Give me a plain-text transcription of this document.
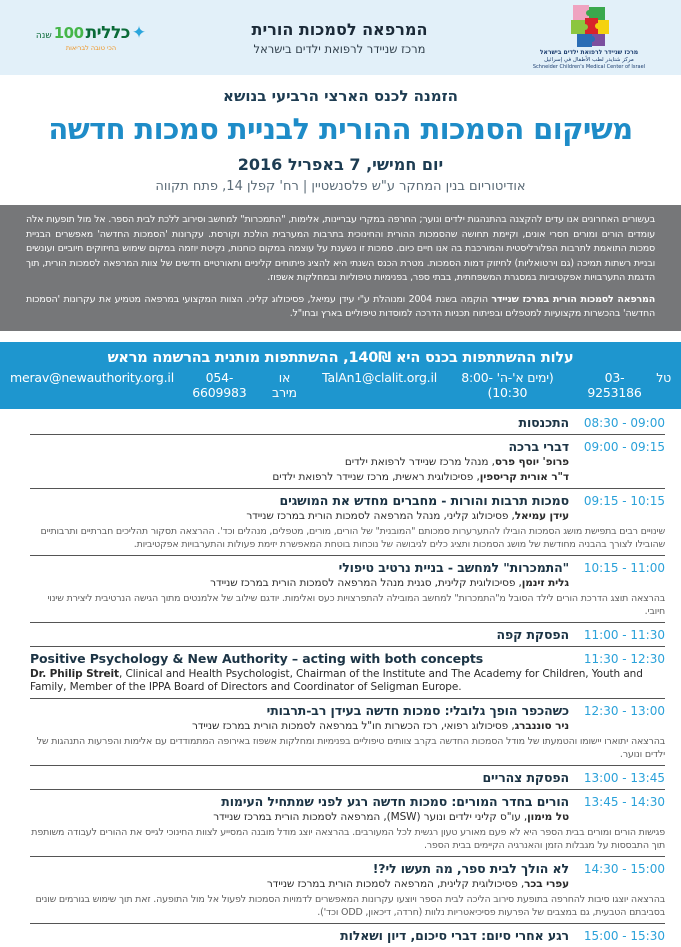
✦
כללית
100
שנה
הכי טובה לבריאות
המרפאה לסמכות הורית
מרכז שניידר לרפואת ילדים בישראל	מרכז שניידר לרפואת ילדים בישראל
مركز شنايدر لطب الأطفال في إسرائيل
Schneider Children's Medical Center of Israel
הזמנה לכנס הארצי הרביעי בנושא
משיקום הסמכות ההורית לבניית סמכות חדשה
יום חמישי, 7 באפריל 2016
אודיטוריום בנין המחקר ע"ש פלסנשטיין | רח' קפלן 14, פתח תקווה

בעשורים האחרונים אנו עדים להקצנה בהתנהגות ילדים ונוער; החרפה במקרי עבריינות, אלימות, "התמכרות" למחשב וסירוב ללכת לבית הספר. אל מול תופעות אלה עומדים הורים ומורים חסרי אונים, וקיימת תחושה שהסמכות ההורית והחינוכית בתרבות המערבית הולכת וקורסת. עקרונות 'הסמכות החדשה' מאפשרים הבניית סמכות התואמת לתרבות הפלורליסטית והמורכבת בה אנו חיים כיום. סמכות זו נשענת על עוצמה במקום כוחנות, נקיטת יוזמה במקום שימוש בחיזוקים חיוביים ועונשים ובניית רשתות תמיכה (גם וירטואליות) לחיזוק דמות הסמכות. מטרת הכנס השנתי היא להציג פיתוחים קליניים ותאורטיים חדשים של צוות המרפאה לסמכות הורית, תוך הדגמת התערבויות אפקטיביות במסגרת המשפחתית, בבתי ספר, בפנימיות טיפוליות ובמחלקות אשפוז.

המרפאה לסמכות הורית במרכז שניידר הוקמה בשנת 2004 ומנוהלת ע"י עידן עמיאל, פסיכולוג קליני. הצוות המקצועי במרפאה מטמיע את עקרונות 'הסמכות החדשה' בהכשרות מקצועיות למטפלים ובפיתוח תכניות הדרכה למוסדות טיפוליים בארץ ובחו"ל.

עלות ההשתתפות בכנס היא 140₪, ההשתתפות מותנית בהרשמה מראש
טל
03-9253186
(ימים א'-ה' 8:00-10:30)
TalAn1@clalit.org.il
או מירב
054-6609983
merav@newauthority.org.il
08:30 - 09:00
התכנסות
09:00 - 09:15
דברי ברכה
פרופ' יוסף פרס, מנהל מרכז שניידר לרפואת ילדים
ד"ר אורית קריספין, פסיכולוגית ראשית, מרכז שניידר לרפואת ילדים
09:15 - 10:15
סמכות תרבות והורות - מחברים מחדש את המושגים
עידן עמיאל, פסיכולוג קליני, מנהל המרפאה לסמכות הורית במרכז שניידר
שינויים רבים בתפישת מושג הסמכות הובילו להתערערות סמכותם "המובנית" של הורים, מורים, מטפלים, מנהלים וכד'. ההרצאה תסקור תהליכים חברתיים ותרבותיים שהובילו לצורך בהבניה מחודשת של מושג הסמכות ותציג כלים לגיבושה של נוכחות בוטחת המאפשרת יזימת פעולות והתערבויות אפקטיביות.
10:15 - 11:00
"התמכרות" למחשב - בניית נרטיב טיפולי
גלית זינמן, פסיכולוגית קלינית, סגנית מנהל המרפאה לסמכות הורית במרכז שניידר
בהרצאה תוצג הדרכת הורים לילד הסובל מ"התמכרות" למחשב המובילה להתפרצויות כעס ואלימות. יודגם שילוב של אלמנטים מתוך הגישה הנרטיבית ליצירת שינוי חיובי.
11:00 - 11:30
הפסקת קפה
11:30 - 12:30
Positive Psychology & New Authority – acting with both concepts
Dr. Philip Streit, Clinical and Health Psychologist, Chairman of the Institute and The Academy for Children, Youth and Family, Member of the IPPA Board of Directors and Coordinator of Seligman Europe.
12:30 - 13:00
כשהכפר הופך גלובלי: סמכות חדשה בעידן רב-תרבותי
ניר סוננברג, פסיכולוג רפואי, רכז הכשרות חו"ל במרפאה לסמכות הורית במרכז שניידר
בהרצאה יתוארו יישומו והטמעתו של מודל הסמכות החדשה בקרב צוותים טיפוליים בפנימיות ומחלקות אשפוז באירופה המתמודדים עם אלימות והפרעות התנהגות של ילדים ונוער.
13:00 - 13:45
הפסקת צהריים
13:45 - 14:30
הורים בחדר המורים: סמכות חדשה רגע לפני שמתחיל העימות
טל מימון, עו"ס קליני ילדים ונוער (MSW), המרפאה לסמכות הורית במרכז שניידר
פגישות הורים ומורים בבית הספר היא לא פעם מאורע טעון רגשית לכל המעורבים. בהרצאה יוצג מודל מובנה המסייע לצוות החינוכי לגייס את ההורים לעבודה משותפת תוך התבססות על מגבלות הזמן והאנרגיה הקיימים בבית הספר.
14:30 - 15:00
לא הולך לבית ספר, מה תעשו לי?!
עפרי בכר, פסיכולוגית קלינית, המרפאה לסמכות הורית במרכז שניידר
בהרצאה יוצגו סיבות להחרפה בתופעת סירוב הליכה לבית הספר ויוצעו עקרונות המאפשרים לדמויות הסמכות לפעול אל מול התופעה. זאת תוך שימוש בגורמים שונים בסביבתם הטבעית, גם במצבים של הפרעות פסיכיאטריות נלוות (חרדה, דיכאון, ODD וכד').
15:00 - 15:30
רגע אחרי סיום: דברי סיכום, דיון ושאלות
